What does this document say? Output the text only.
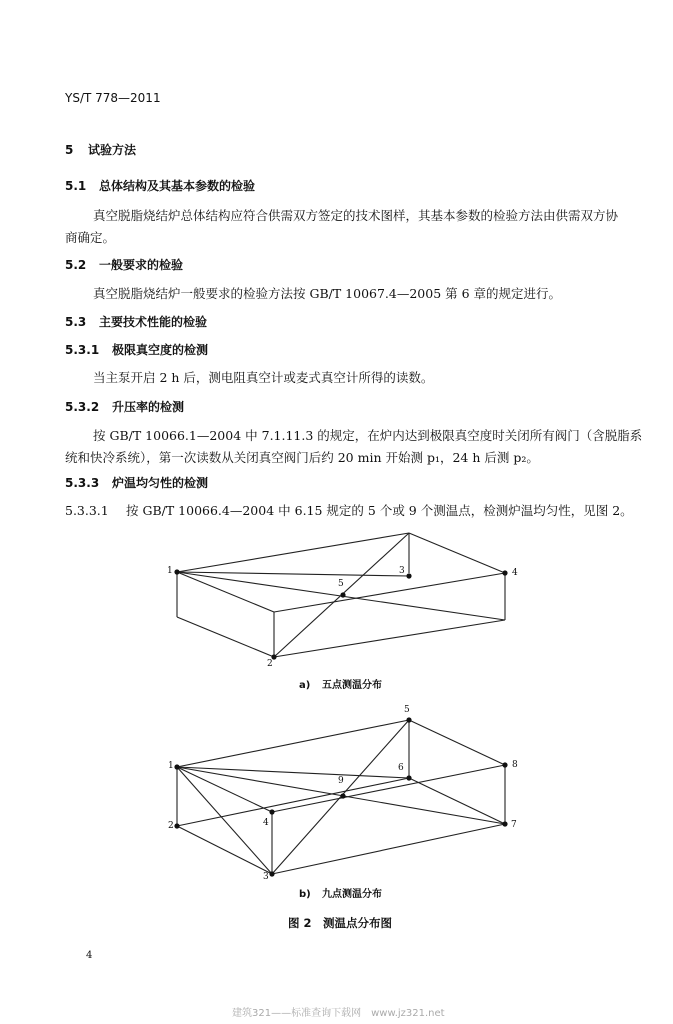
YS/T 778—2011
5 试验方法
5.1 总体结构及其基本参数的检验
真空脱脂烧结炉总体结构应符合供需双方签定的技术图样，其基本参数的检验方法由供需双方协
商确定。
5.2 一般要求的检验
真空脱脂烧结炉一般要求的检验方法按 GB/T 10067.4—2005 第 6 章的规定进行。
5.3 主要技术性能的检验
5.3.1 极限真空度的检测
当主泵开启 2 h 后，测电阻真空计或麦式真空计所得的读数。
5.3.2 升压率的检测
按 GB/T 10066.1—2004 中 7.1.11.3 的规定，在炉内达到极限真空度时关闭所有阀门（含脱脂系
统和快冷系统），第一次读数从关闭真空阀门后约 20 min 开始测 p₁，24 h 后测 p₂。
5.3.3 炉温均匀性的检测
5.3.3.1 按 GB/T 10066.4—2004 中 6.15 规定的 5 个或 9 个测温点，检测炉温均匀性，见图 2。
1
2
3	4
5
a) 五点测温分布
1
2
3
4
5
6
7
8
9
b) 九点测温分布
图 2　测温点分布图
4
建筑321——标准查询下载网　www.jz321.net
